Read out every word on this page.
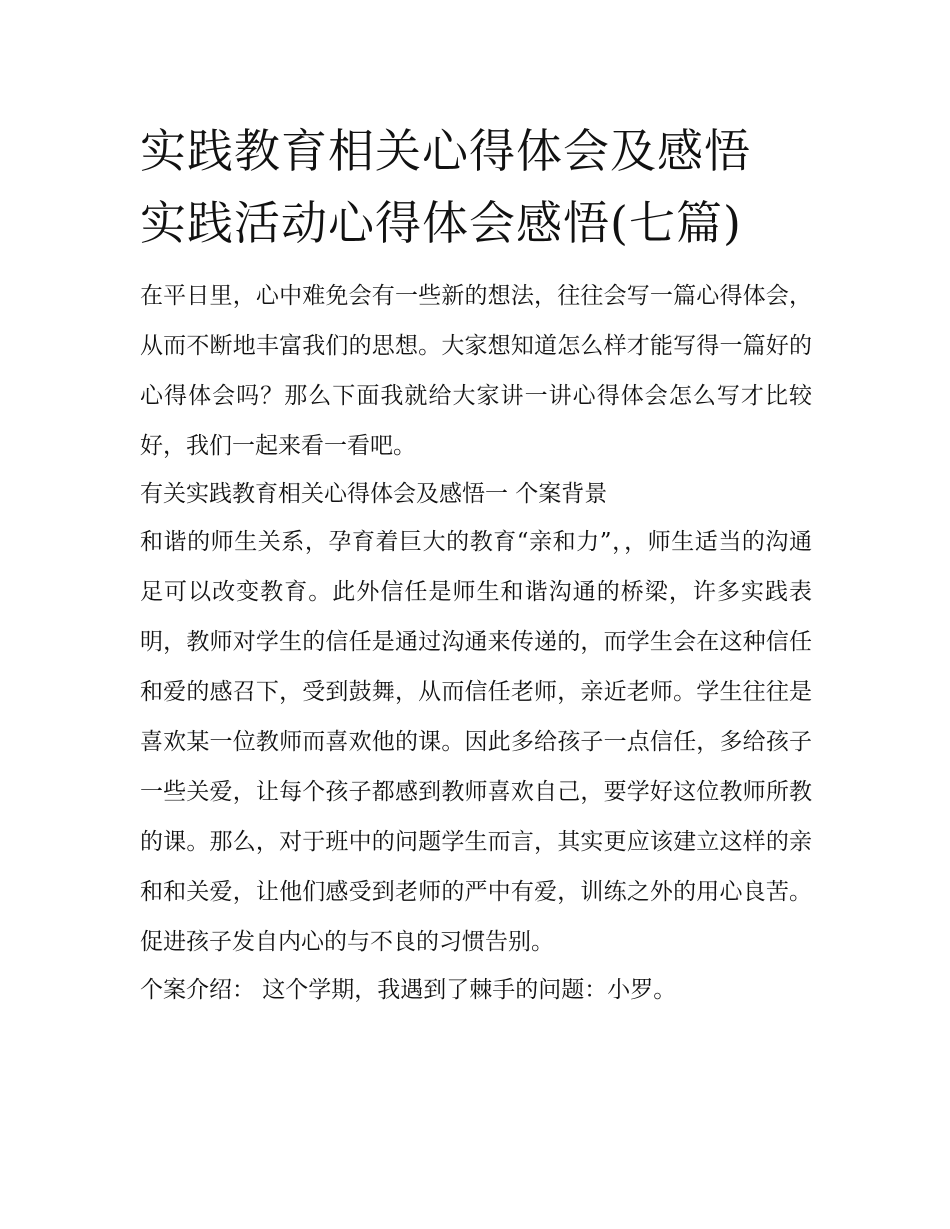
实践教育相关心得体会及感悟
实践活动心得体会感悟(七篇)

在平日里，心中难免会有一些新的想法，往往会写一篇心得体会，从而不断地丰富我们的思想。大家想知道怎么样才能写得一篇好的心得体会吗？那么下面我就给大家讲一讲心得体会怎么写才比较好，我们一起来看一看吧。

有关实践教育相关心得体会及感悟一 个案背景

和谐的师生关系，孕育着巨大的教育“亲和力”，，师生适当的沟通足可以改变教育。此外信任是师生和谐沟通的桥梁，许多实践表明，教师对学生的信任是通过沟通来传递的，而学生会在这种信任和爱的感召下，受到鼓舞，从而信任老师，亲近老师。学生往往是喜欢某一位教师而喜欢他的课。因此多给孩子一点信任，多给孩子一些关爱，让每个孩子都感到教师喜欢自己，要学好这位教师所教的课。那么，对于班中的问题学生而言，其实更应该建立这样的亲和和关爱，让他们感受到老师的严中有爱，训练之外的用心良苦。促进孩子发自内心的与不良的习惯告别。

个案介绍： 这个学期，我遇到了棘手的问题：小罗。
